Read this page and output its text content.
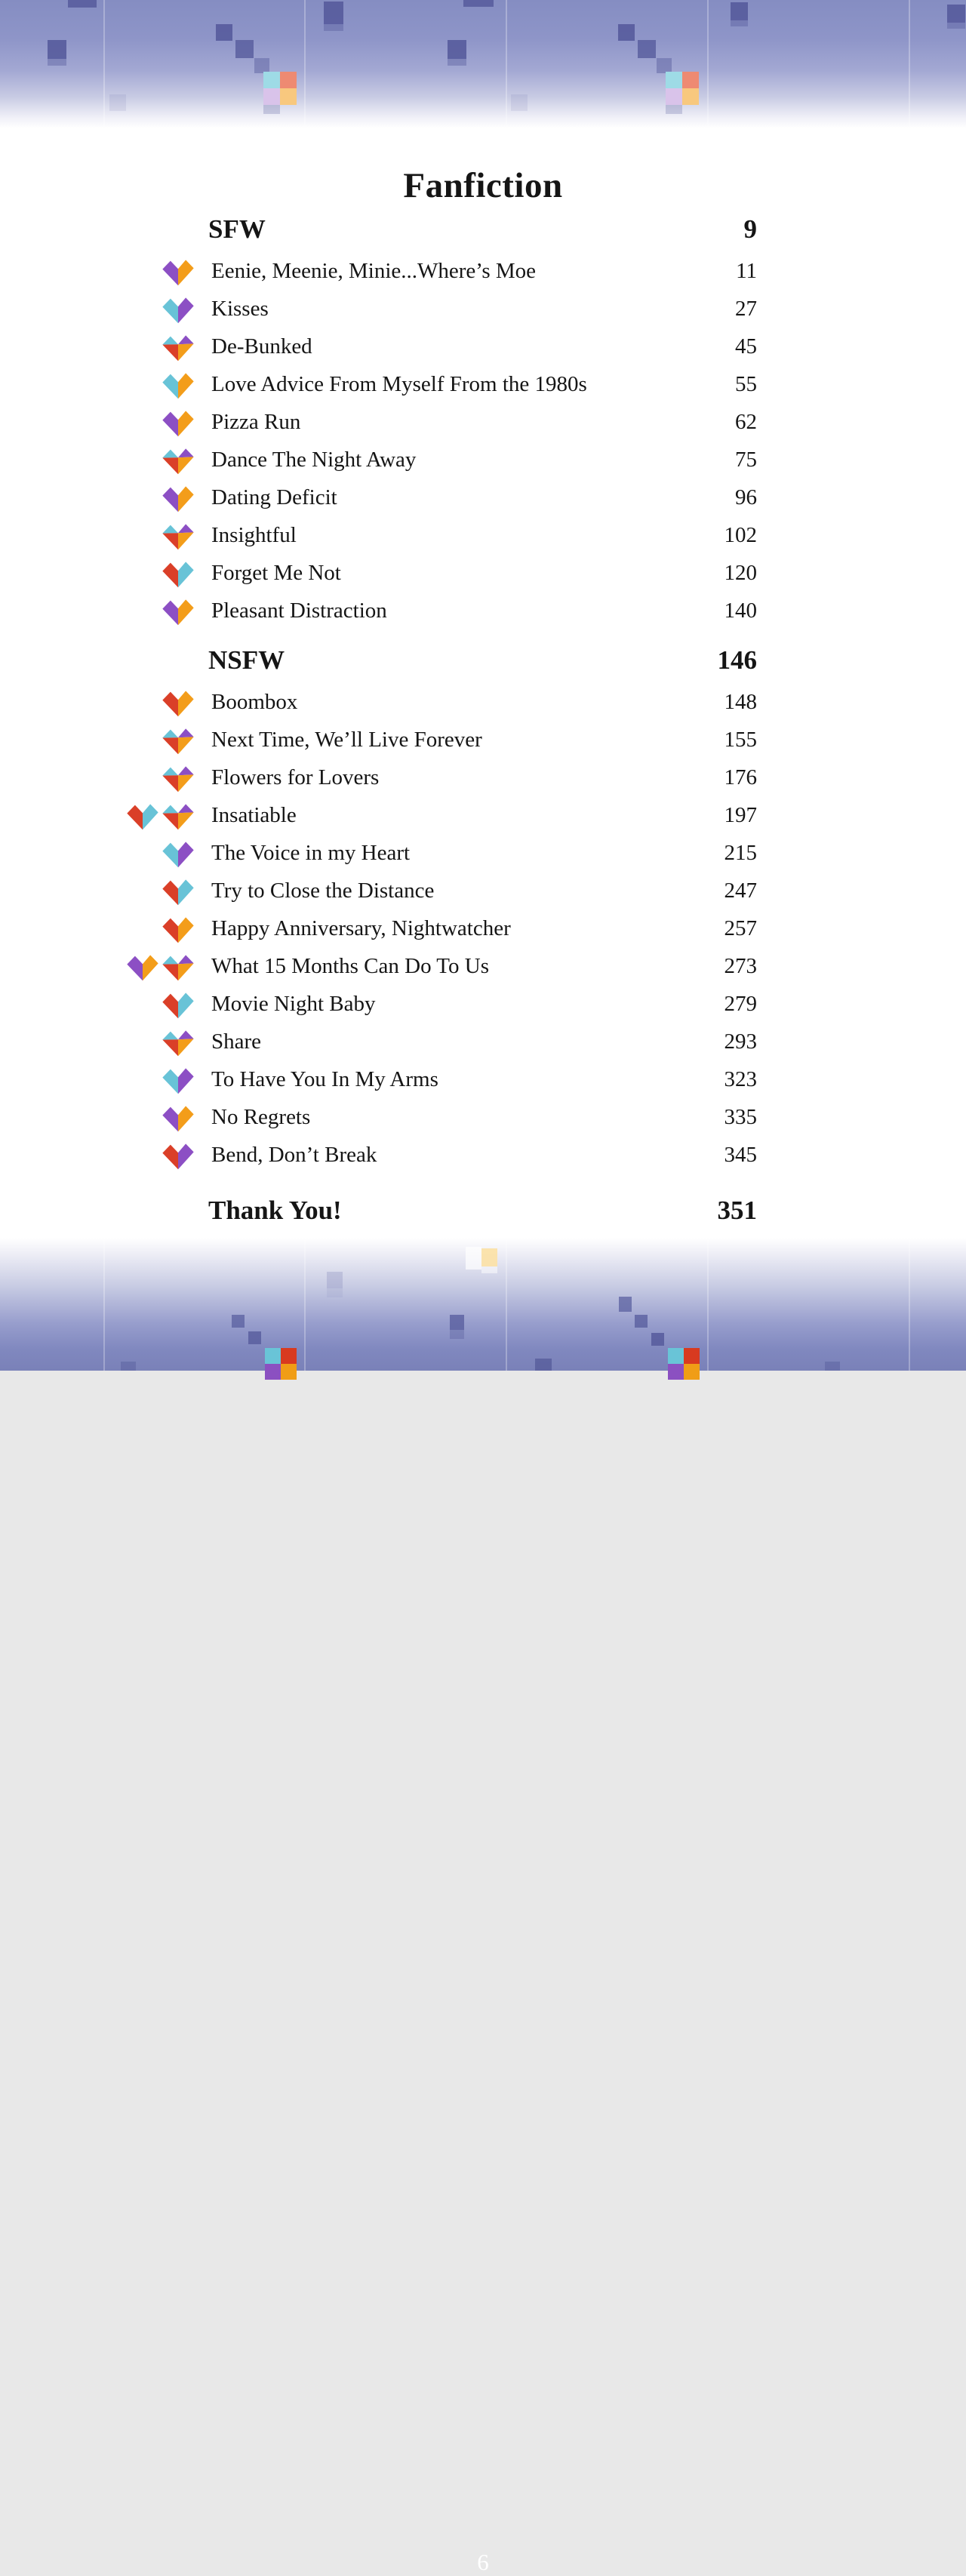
Fanfiction
SFW	9
Eenie, Meenie, Minie...Where’s Moe	11
Kisses	27
De-Bunked	45
Love Advice From Myself From the 1980s	55
Pizza Run	62
Dance The Night Away	75
Dating Deficit	96
Insightful	102
Forget Me Not	120
Pleasant Distraction	140
NSFW	146
Boombox	148
Next Time, We’ll Live Forever	155
Flowers for Lovers	176
Insatiable	197
The Voice in my Heart	215
Try to Close the Distance	247
Happy Anniversary, Nightwatcher	257
What 15 Months Can Do To Us	273
Movie Night Baby	279
Share	293
To Have You In My Arms	323
No Regrets	335
Bend, Don’t Break	345
Thank You!	351
6
